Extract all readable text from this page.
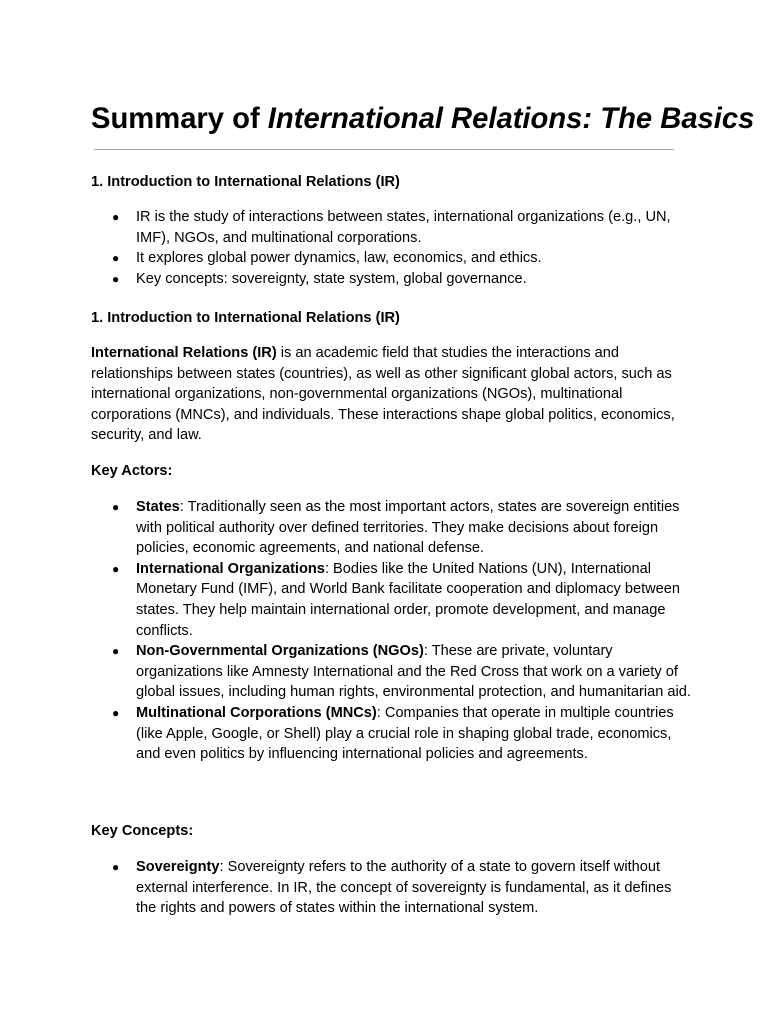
Summary of International Relations: The Basics
1. Introduction to International Relations (IR)
● IR is the study of interactions between states, international organizations (e.g., UN, IMF), NGOs, and multinational corporations.
● It explores global power dynamics, law, economics, and ethics.
● Key concepts: sovereignty, state system, global governance.
1. Introduction to International Relations (IR)

International Relations (IR) is an academic field that studies the interactions and relationships between states (countries), as well as other significant global actors, such as international organizations, non-governmental organizations (NGOs), multinational corporations (MNCs), and individuals. These interactions shape global politics, economics, security, and law.

Key Actors:
● States: Traditionally seen as the most important actors, states are sovereign entities with political authority over defined territories. They make decisions about foreign policies, economic agreements, and national defense.
● International Organizations: Bodies like the United Nations (UN), International Monetary Fund (IMF), and World Bank facilitate cooperation and diplomacy between states. They help maintain international order, promote development, and manage conflicts.
● Non-Governmental Organizations (NGOs): These are private, voluntary organizations like Amnesty International and the Red Cross that work on a variety of global issues, including human rights, environmental protection, and humanitarian aid.
● Multinational Corporations (MNCs): Companies that operate in multiple countries (like Apple, Google, or Shell) play a crucial role in shaping global trade, economics, and even politics by influencing international policies and agreements.
Key Concepts:
● Sovereignty: Sovereignty refers to the authority of a state to govern itself without external interference. In IR, the concept of sovereignty is fundamental, as it defines the rights and powers of states within the international system.
